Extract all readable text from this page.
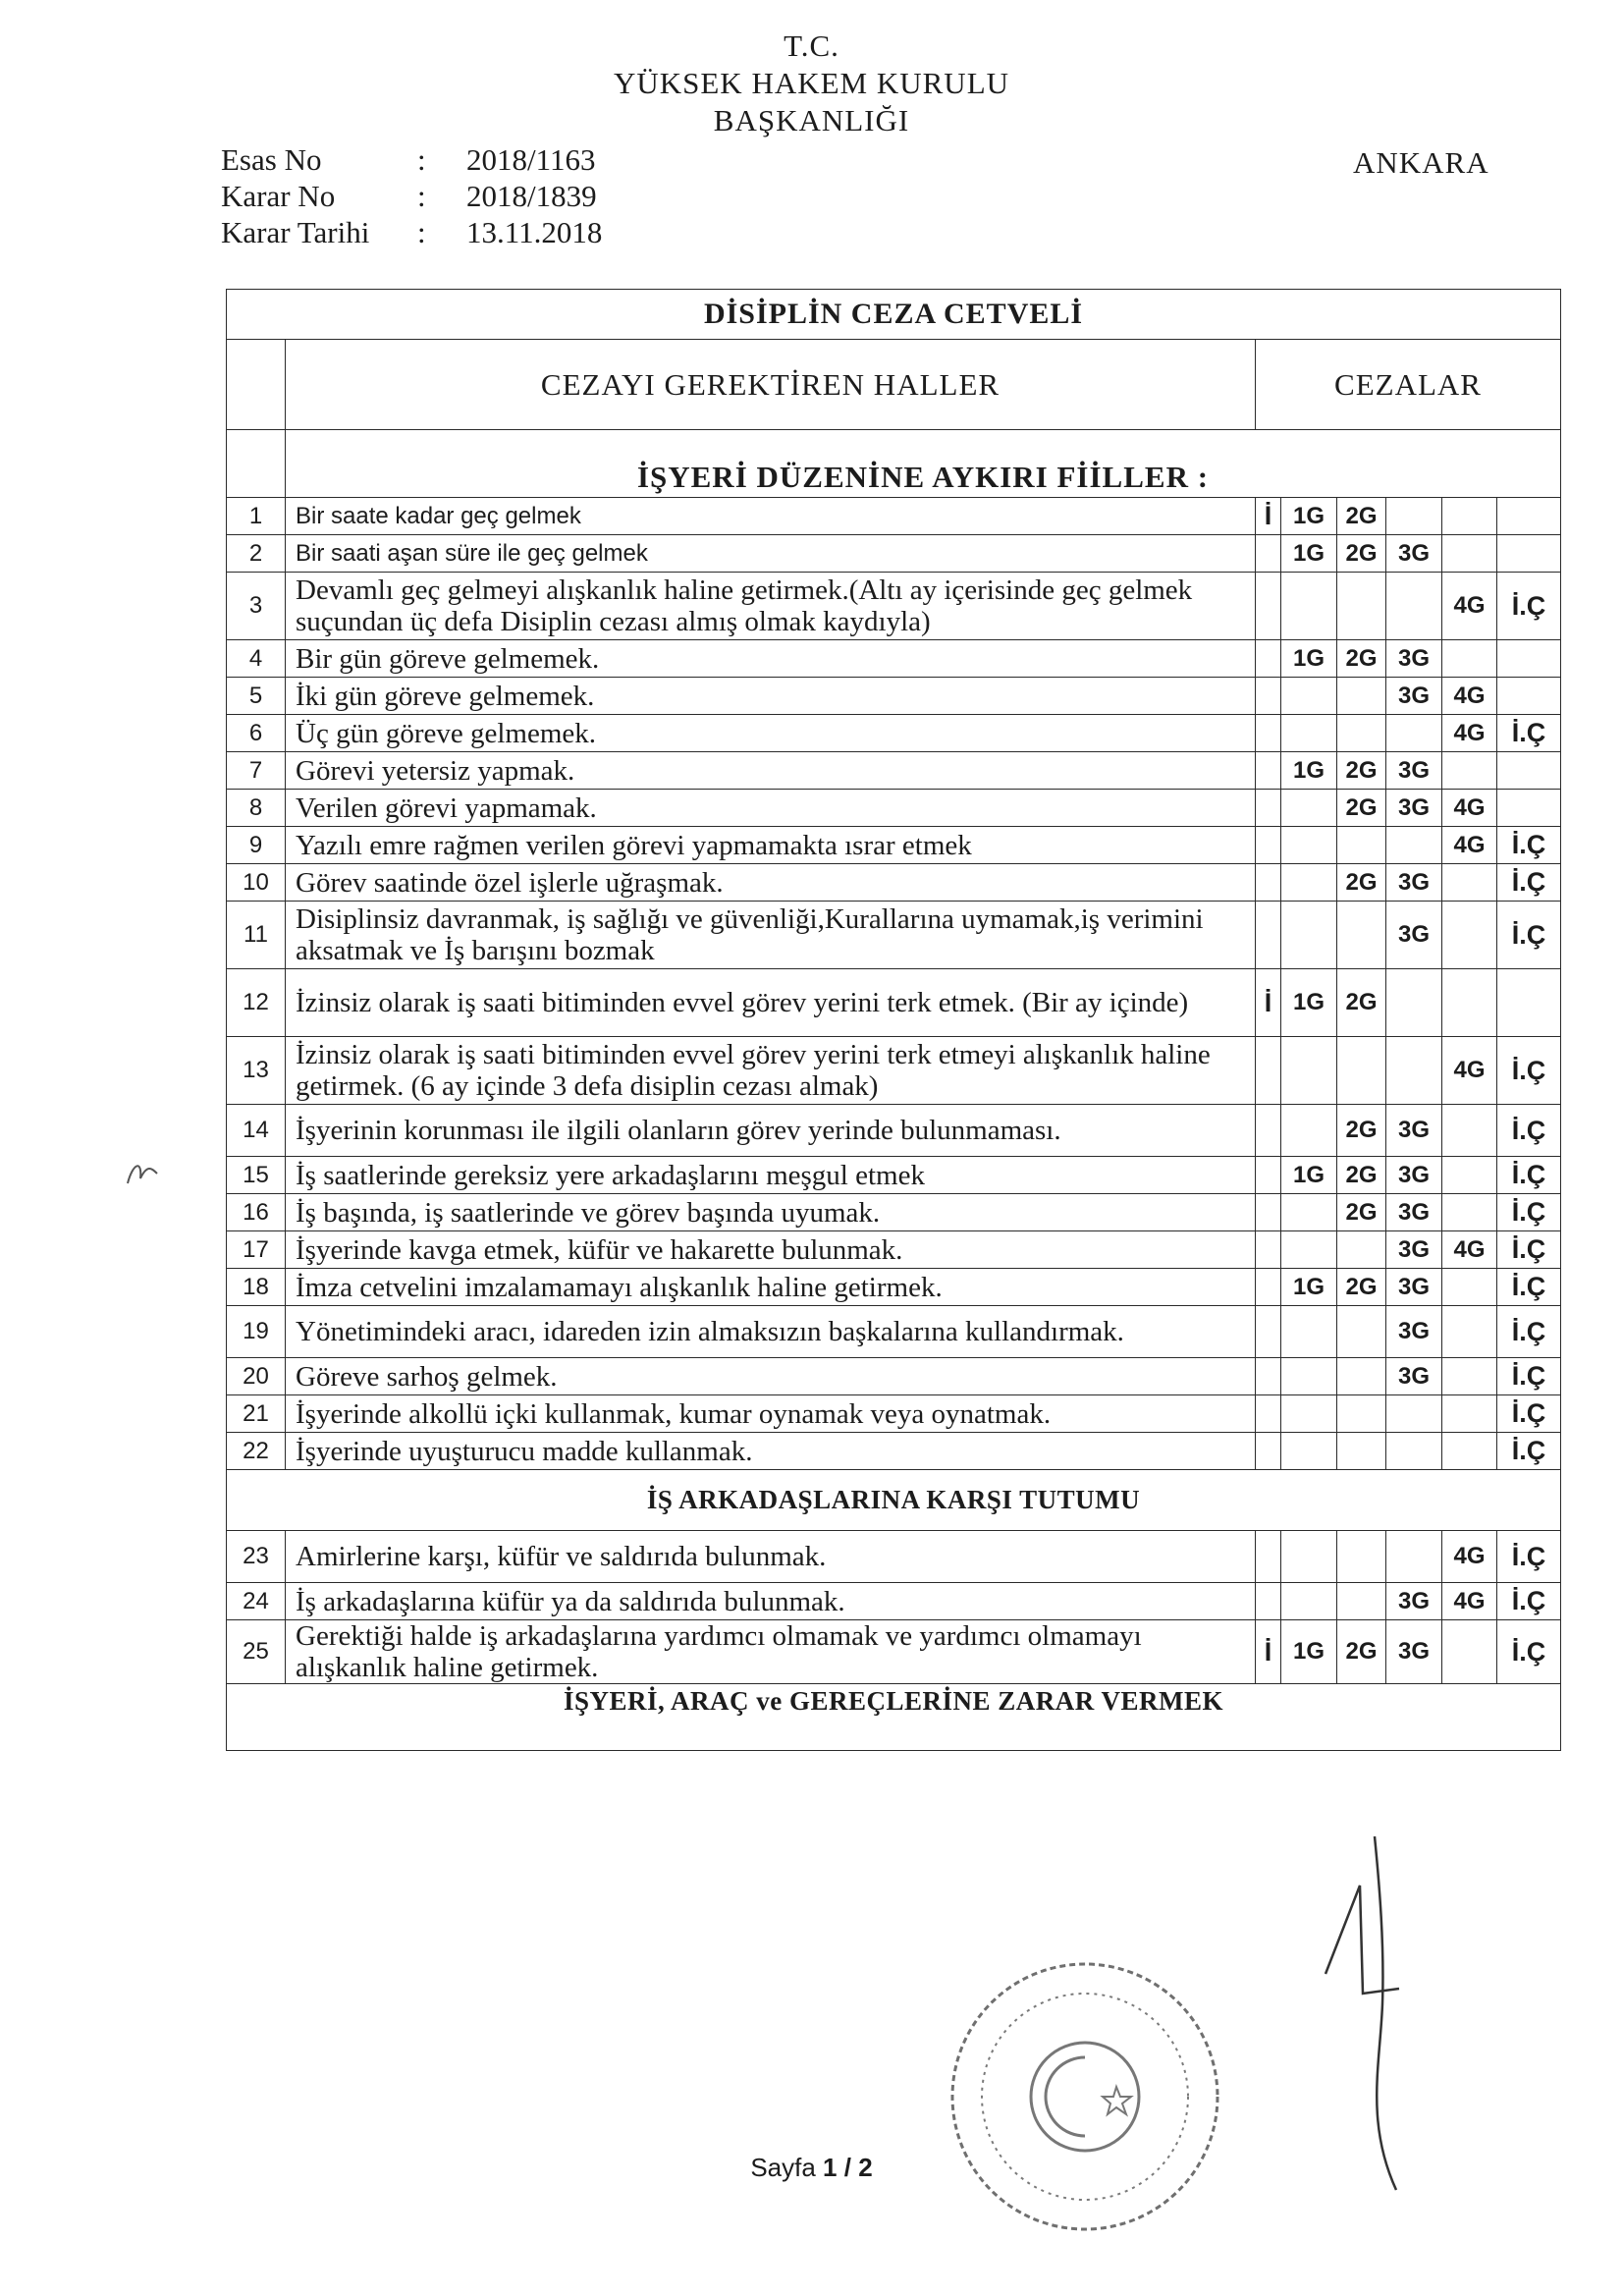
T.C.
YÜKSEK HAKEM KURULU
BAŞKANLIĞI
ANKARA
Esas No	: 2018/1163
Karar No	: 2018/1839
Karar Tarihi : 13.11.2018
DİSİPLİN CEZA CETVELİ							
	CEZAYI GEREKTİREN HALLER	CEZALAR					
	İŞYERİ DÜZENİNE AYKIRI FİİLLER :						
1	Bir saate kadar geç gelmek	İ	1G	2G			
2	Bir saati aşan süre ile geç gelmek		1G	2G	3G		
3	Devamlı geç gelmeyi alışkanlık haline getirmek.(Altı ay içerisinde geç gelmek suçundan üç defa Disiplin cezası almış olmak kaydıyla)					4G	İ.Ç
4	Bir gün göreve gelmemek.		1G	2G	3G		
5	İki gün göreve gelmemek.				3G	4G	
6	Üç gün göreve gelmemek.					4G	İ.Ç
7	Görevi yetersiz yapmak.		1G	2G	3G		
8	Verilen görevi yapmamak.			2G	3G	4G	
9	Yazılı emre rağmen verilen görevi yapmamakta ısrar etmek					4G	İ.Ç
10	Görev saatinde özel işlerle uğraşmak.			2G	3G		İ.Ç
11	Disiplinsiz davranmak, iş sağlığı ve güvenliği,Kurallarına uymamak,iş verimini aksatmak ve İş barışını bozmak				3G		İ.Ç
12	İzinsiz olarak iş saati bitiminden evvel görev yerini terk etmek. (Bir ay içinde)	İ	1G	2G			
13	İzinsiz olarak iş saati bitiminden evvel görev yerini terk etmeyi alışkanlık haline getirmek. (6 ay içinde 3 defa disiplin cezası almak)					4G	İ.Ç
14	İşyerinin korunması ile ilgili olanların görev yerinde bulunmaması.			2G	3G		İ.Ç
15	İş saatlerinde gereksiz yere arkadaşlarını meşgul etmek		1G	2G	3G		İ.Ç
16	İş başında, iş saatlerinde ve görev başında uyumak.			2G	3G		İ.Ç
17	İşyerinde kavga etmek, küfür ve hakarette bulunmak.				3G	4G	İ.Ç
18	İmza cetvelini imzalamamayı alışkanlık haline getirmek.		1G	2G	3G		İ.Ç
19	Yönetimindeki aracı, idareden izin almaksızın başkalarına kullandırmak.				3G		İ.Ç
20	Göreve sarhoş gelmek.				3G		İ.Ç
21	İşyerinde alkollü içki kullanmak, kumar oynamak veya oynatmak.						İ.Ç
22	İşyerinde uyuşturucu madde kullanmak.						İ.Ç
İŞ ARKADAŞLARINA KARŞI TUTUMU							
23	Amirlerine karşı, küfür ve saldırıda bulunmak.					4G	İ.Ç
24	İş arkadaşlarına küfür ya da saldırıda bulunmak.				3G	4G	İ.Ç
25	Gerektiği halde iş arkadaşlarına yardımcı olmamak ve yardımcı olmamayı alışkanlık haline getirmek.	İ	1G	2G	3G		İ.Ç
İŞYERİ, ARAÇ ve GEREÇLERİNE ZARAR VERMEK							
Sayfa 1 / 2
